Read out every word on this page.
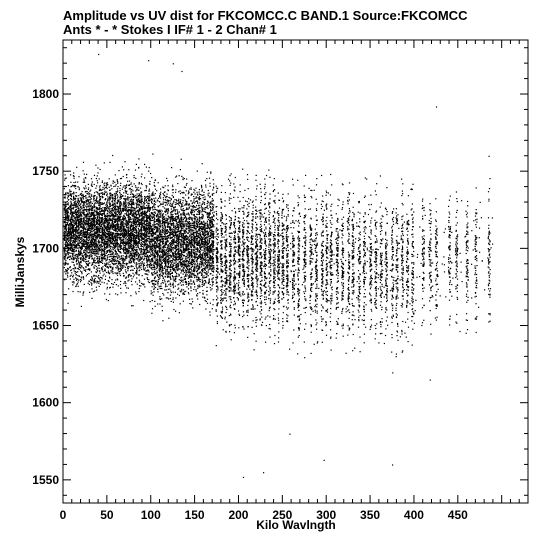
Amplitude vs UV dist for FKCOMCC.C BAND.1 Source:FKCOMCC
Ants * - * Stokes I IF# 1 - 2 Chan# 1
0	50 100 150 200 250 300 350 400 450
1550
1600
1650
1700
1750
1800
Kilo Wavlngth
MilliJanskys
